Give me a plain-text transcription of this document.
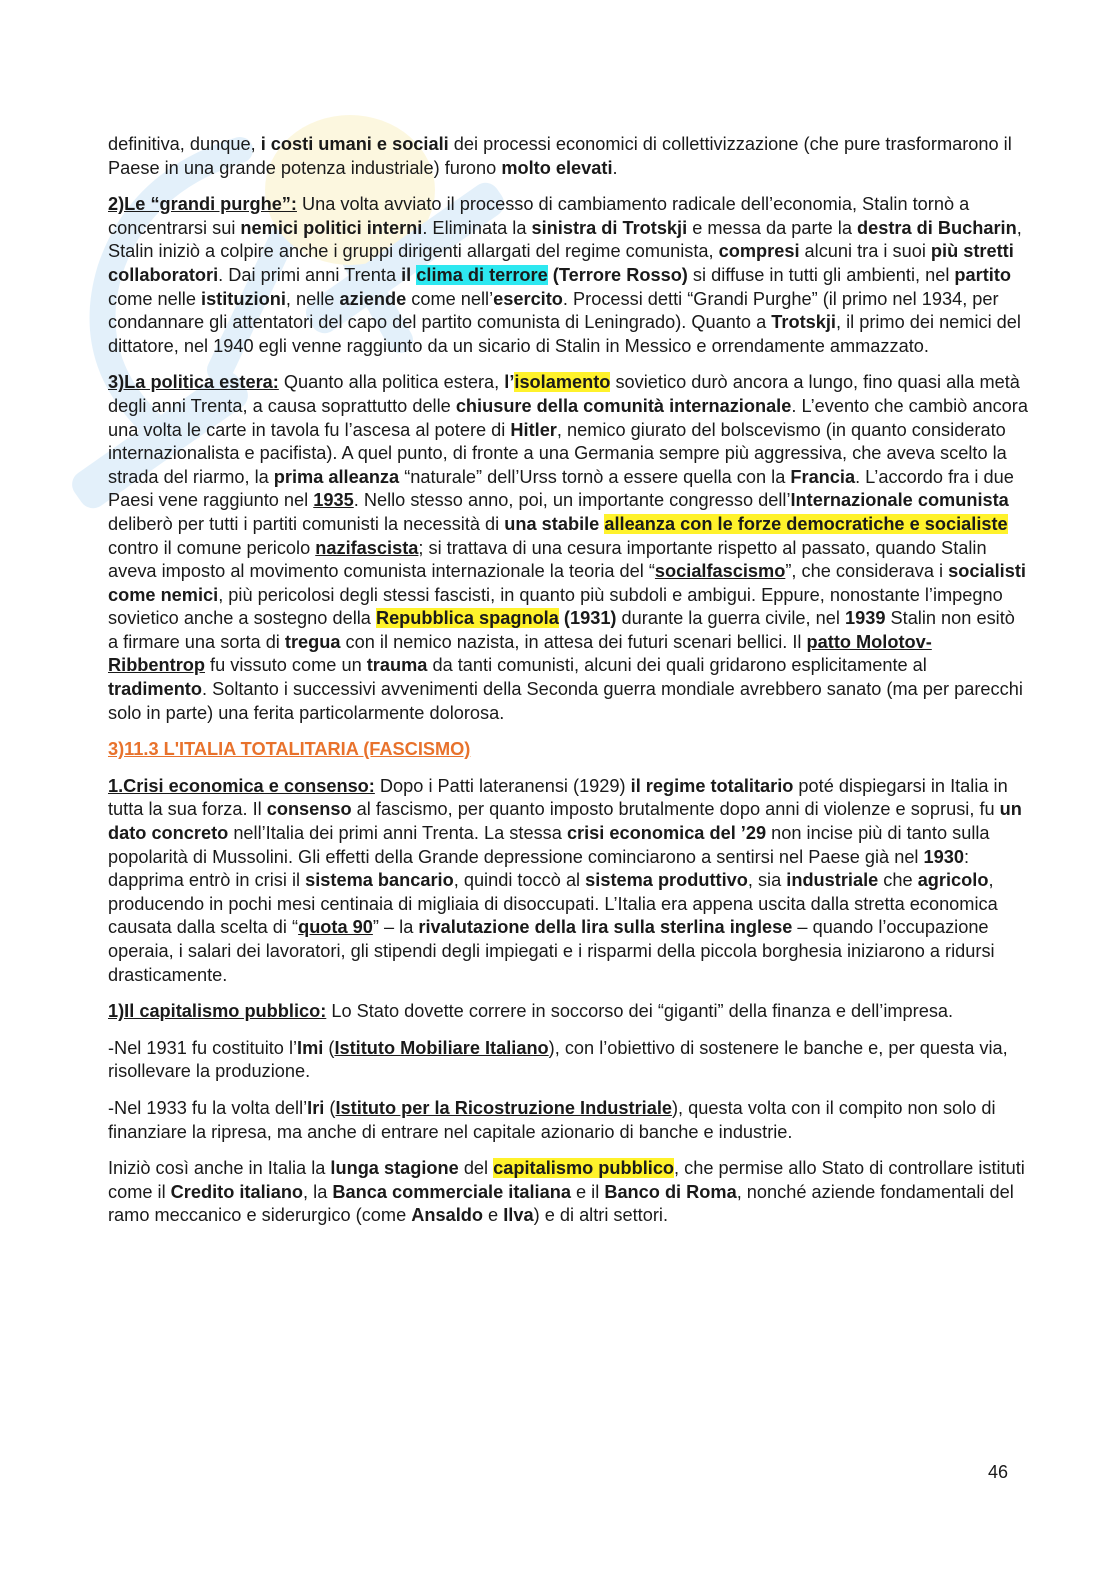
definitiva, dunque, i costi umani e sociali dei processi economici di collettivizzazione (che pure trasformarono il Paese in una grande potenza industriale) furono molto elevati.

2)Le “grandi purghe”: Una volta avviato il processo di cambiamento radicale dell’economia, Stalin tornò a concentrarsi sui nemici politici interni. Eliminata la sinistra di Trotskji e messa da parte la destra di Bucharin, Stalin iniziò a colpire anche i gruppi dirigenti allargati del regime comunista, compresi alcuni tra i suoi più stretti collaboratori. Dai primi anni Trenta il clima di terrore (Terrore Rosso) si diffuse in tutti gli ambienti, nel partito come nelle istituzioni, nelle aziende come nell’esercito. Processi detti “Grandi Purghe” (il primo nel 1934, per condannare gli attentatori del capo del partito comunista di Leningrado). Quanto a Trotskji, il primo dei nemici del dittatore, nel 1940 egli venne raggiunto da un sicario di Stalin in Messico e orrendamente ammazzato.

3)La politica estera: Quanto alla politica estera, l’isolamento sovietico durò ancora a lungo, fino quasi alla metà degli anni Trenta, a causa soprattutto delle chiusure della comunità internazionale. L’evento che cambiò ancora una volta le carte in tavola fu l’ascesa al potere di Hitler, nemico giurato del bolscevismo (in quanto considerato internazionalista e pacifista). A quel punto, di fronte a una Germania sempre più aggressiva, che aveva scelto la strada del riarmo, la prima alleanza “naturale” dell’Urss tornò a essere quella con la Francia. L’accordo fra i due Paesi vene raggiunto nel 1935. Nello stesso anno, poi, un importante congresso dell’Internazionale comunista deliberò per tutti i partiti comunisti la necessità di una stabile alleanza con le forze democratiche e socialiste contro il comune pericolo nazifascista; si trattava di una cesura importante rispetto al passato, quando Stalin aveva imposto al movimento comunista internazionale la teoria del “socialfascismo”, che considerava i socialisti come nemici, più pericolosi degli stessi fascisti, in quanto più subdoli e ambigui. Eppure, nonostante l’impegno sovietico anche a sostegno della Repubblica spagnola (1931) durante la guerra civile, nel 1939 Stalin non esitò a firmare una sorta di tregua con il nemico nazista, in attesa dei futuri scenari bellici. Il patto Molotov-Ribbentrop fu vissuto come un trauma da tanti comunisti, alcuni dei quali gridarono esplicitamente al tradimento. Soltanto i successivi avvenimenti della Seconda guerra mondiale avrebbero sanato (ma per parecchi solo in parte) una ferita particolarmente dolorosa.

3)11.3 L'ITALIA TOTALITARIA (FASCISMO)

1.Crisi economica e consenso: Dopo i Patti lateranensi (1929) il regime totalitario poté dispiegarsi in Italia in tutta la sua forza. Il consenso al fascismo, per quanto imposto brutalmente dopo anni di violenze e soprusi, fu un dato concreto nell’Italia dei primi anni Trenta. La stessa crisi economica del ’29 non incise più di tanto sulla popolarità di Mussolini. Gli effetti della Grande depressione cominciarono a sentirsi nel Paese già nel 1930: dapprima entrò in crisi il sistema bancario, quindi toccò al sistema produttivo, sia industriale che agricolo, producendo in pochi mesi centinaia di migliaia di disoccupati. L’Italia era appena uscita dalla stretta economica causata dalla scelta di “quota 90” – la rivalutazione della lira sulla sterlina inglese – quando l’occupazione operaia, i salari dei lavoratori, gli stipendi degli impiegati e i risparmi della piccola borghesia iniziarono a ridursi drasticamente.

1)Il capitalismo pubblico: Lo Stato dovette correre in soccorso dei “giganti” della finanza e dell’impresa.

-Nel 1931 fu costituito l’Imi (Istituto Mobiliare Italiano), con l’obiettivo di sostenere le banche e, per questa via, risollevare la produzione.

-Nel 1933 fu la volta dell’Iri (Istituto per la Ricostruzione Industriale), questa volta con il compito non solo di finanziare la ripresa, ma anche di entrare nel capitale azionario di banche e industrie.

Iniziò così anche in Italia la lunga stagione del capitalismo pubblico, che permise allo Stato di controllare istituti come il Credito italiano, la Banca commerciale italiana e il Banco di Roma, nonché aziende fondamentali del ramo meccanico e siderurgico (come Ansaldo e Ilva) e di altri settori.

46
